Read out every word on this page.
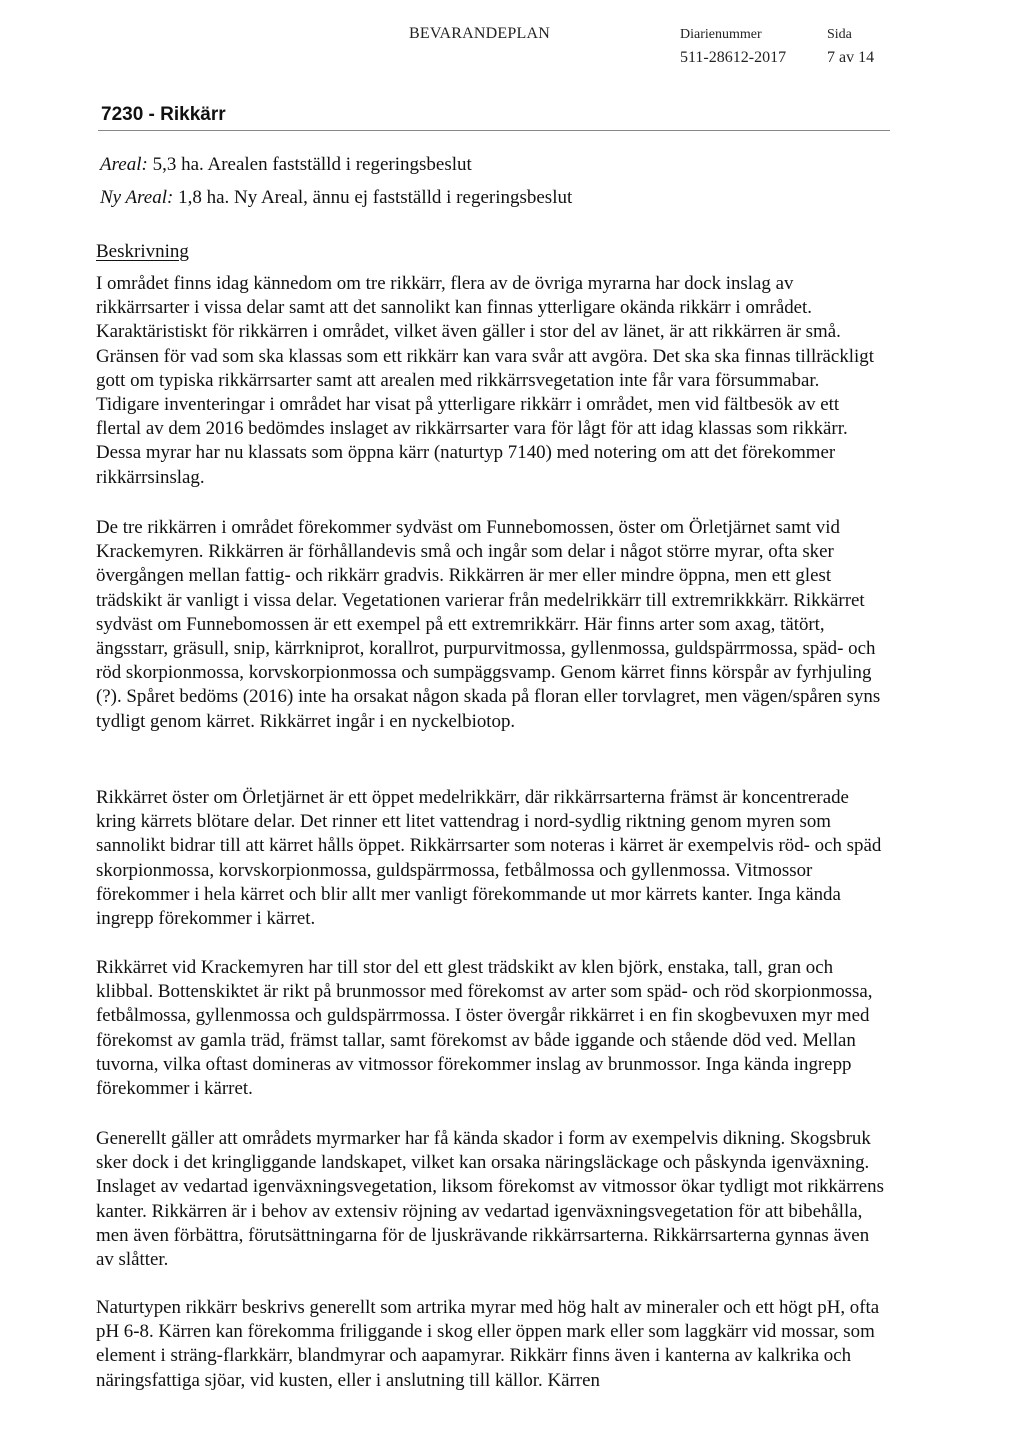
BEVARANDEPLAN	Diarienummer
511-28612-2017
Sida
7 av 14
7230 - Rikkärr
Areal: 5,3 ha. Arealen fastställd i regeringsbeslut
Ny Areal: 1,8 ha. Ny Areal, ännu ej fastställd i regeringsbeslut
Beskrivning

I området finns idag kännedom om tre rikkärr, flera av de övriga myrarna har dock inslag av rikkärrsarter i vissa delar samt att det sannolikt kan finnas ytterligare okända rikkärr i området. Karaktäristiskt för rikkärren i området, vilket även gäller i stor del av länet, är att rikkärren är små. Gränsen för vad som ska klassas som ett rikkärr kan vara svår att avgöra. Det ska ska finnas tillräckligt gott om typiska rikkärrsarter samt att arealen med rikkärrsvegetation inte får vara försummabar. Tidigare inventeringar i området har visat på ytterligare rikkärr i området, men vid fältbesök av ett flertal av dem 2016 bedömdes inslaget av rikkärrsarter vara för lågt för att idag klassas som rikkärr. Dessa myrar har nu klassats som öppna kärr (naturtyp 7140) med notering om att det förekommer rikkärrsinslag.

De tre rikkärren i området förekommer sydväst om Funnebomossen, öster om Örletjärnet samt vid Krackemyren. Rikkärren är förhållandevis små och ingår som delar i något större myrar, ofta sker övergången mellan fattig- och rikkärr gradvis. Rikkärren är mer eller mindre öppna, men ett glest trädskikt är vanligt i vissa delar. Vegetationen varierar från medelrikkärr till extremrikkkärr. Rikkärret sydväst om Funnebomossen är ett exempel på ett extremrikkärr. Här finns arter som axag, tätört, ängsstarr, gräsull, snip, kärrkniprot, korallrot, purpurvitmossa, gyllenmossa, guldspärrmossa, späd- och röd skorpionmossa, korvskorpionmossa och sumpäggsvamp. Genom kärret finns körspår av fyrhjuling (?). Spåret bedöms (2016) inte ha orsakat någon skada på floran eller torvlagret, men vägen/spåren syns tydligt genom kärret. Rikkärret ingår i en nyckelbiotop.

Rikkärret öster om Örletjärnet är ett öppet medelrikkärr, där rikkärrsarterna främst är koncentrerade kring kärrets blötare delar. Det rinner ett litet vattendrag i nord-sydlig riktning genom myren som sannolikt bidrar till att kärret hålls öppet. Rikkärrsarter som noteras i kärret är exempelvis röd- och späd skorpionmossa, korvskorpionmossa, guldspärrmossa, fetbålmossa och gyllenmossa. Vitmossor förekommer i hela kärret och blir allt mer vanligt förekommande ut mor kärrets kanter. Inga kända ingrepp förekommer i kärret.

Rikkärret vid Krackemyren har till stor del ett glest trädskikt av klen björk, enstaka, tall, gran och klibbal. Bottenskiktet är rikt på brunmossor med förekomst av arter som späd- och röd skorpionmossa, fetbålmossa, gyllenmossa och guldspärrmossa. I öster övergår rikkärret i en fin skogbevuxen myr med förekomst av gamla träd, främst tallar, samt förekomst av både iggande och stående död ved. Mellan tuvorna, vilka oftast domineras av vitmossor förekommer inslag av brunmossor. Inga kända ingrepp förekommer i kärret.

Generellt gäller att områdets myrmarker har få kända skador i form av exempelvis dikning. Skogsbruk sker dock i det kringliggande landskapet, vilket kan orsaka näringsläckage och påskynda igenväxning. Inslaget av vedartad igenväxningsvegetation, liksom förekomst av vitmossor ökar tydligt mot rikkärrens kanter. Rikkärren är i behov av extensiv röjning av vedartad igenväxningsvegetation för att bibehålla, men även förbättra, förutsättningarna för de ljuskrävande rikkärrsarterna. Rikkärrsarterna gynnas även av slåtter.

Naturtypen rikkärr beskrivs generellt som artrika myrar med hög halt av mineraler och ett högt pH, ofta pH 6-8. Kärren kan förekomma friliggande i skog eller öppen mark eller som laggkärr vid mossar, som element i sträng-flarkkärr, blandmyrar och aapamyrar. Rikkärr finns även i kanterna av kalkrika och näringsfattiga sjöar, vid kusten, eller i anslutning till källor. Kärren
